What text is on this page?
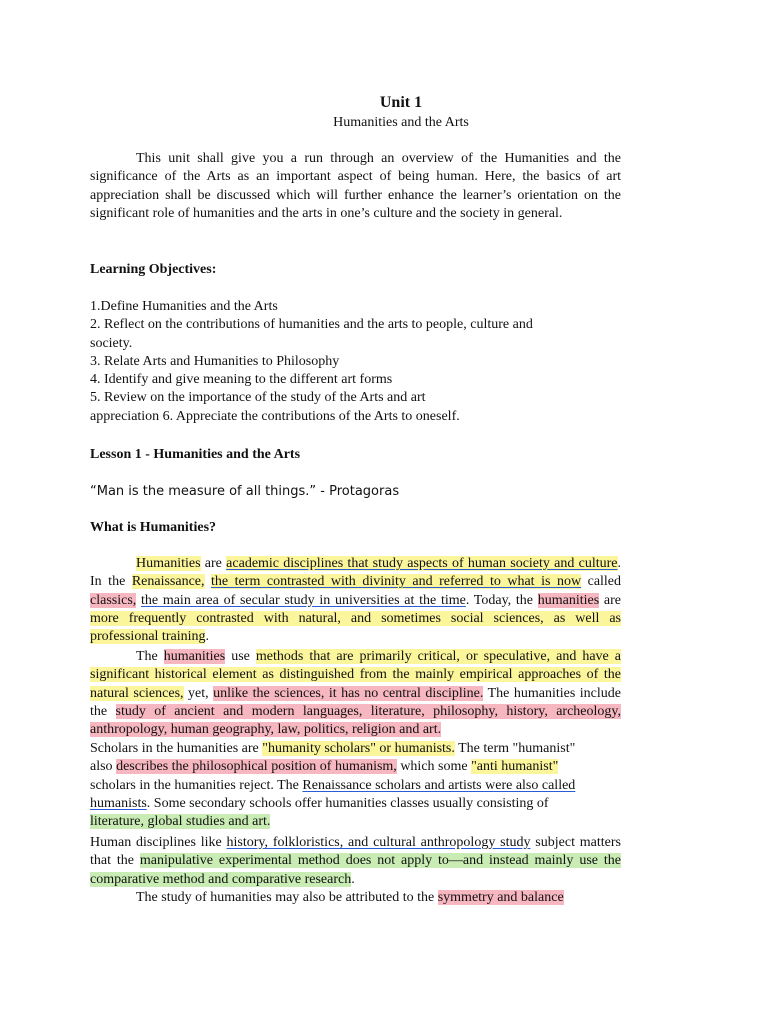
Unit 1
Humanities and the Arts
This unit shall give you a run through an overview of the Humanities and the significance of the Arts as an important aspect of being human. Here, the basics of art appreciation shall be discussed which will further enhance the learner’s orientation on the significant role of humanities and the arts in one’s culture and the society in general.
Learning Objectives:
1.Define Humanities and the Arts
2. Reflect on the contributions of humanities and the arts to people, culture and
society.
3. Relate Arts and Humanities to Philosophy
4. Identify and give meaning to the different art forms
5. Review on the importance of the study of the Arts and art
appreciation 6. Appreciate the contributions of the Arts to oneself.
Lesson 1 - Humanities and the Arts
“Man is the measure of all things.” - Protagoras
What is Humanities?
Humanities are academic disciplines that study aspects of human society and culture. In the Renaissance, the term contrasted with divinity and referred to what is now called classics, the main area of secular study in universities at the time. Today, the humanities are more frequently contrasted with natural, and sometimes social sciences, as well as professional training.
The humanities use methods that are primarily critical, or speculative, and have a significant historical element as distinguished from the mainly empirical approaches of the natural sciences, yet, unlike the sciences, it has no central discipline. The humanities include the study of ancient and modern languages, literature, philosophy, history, archeology, anthropology, human geography, law, politics, religion and art.
Scholars in the humanities are "humanity scholars" or humanists. The term "humanist"
also describes the philosophical position of humanism, which some "anti humanist"
scholars in the humanities reject. The Renaissance scholars and artists were also called
humanists. Some secondary schools offer humanities classes usually consisting of
literature, global studies and art.
Human disciplines like history, folkloristics, and cultural anthropology study subject matters that the manipulative experimental method does not apply to—and instead mainly use the comparative method and comparative research.
The study of humanities may also be attributed to the symmetry and balance
